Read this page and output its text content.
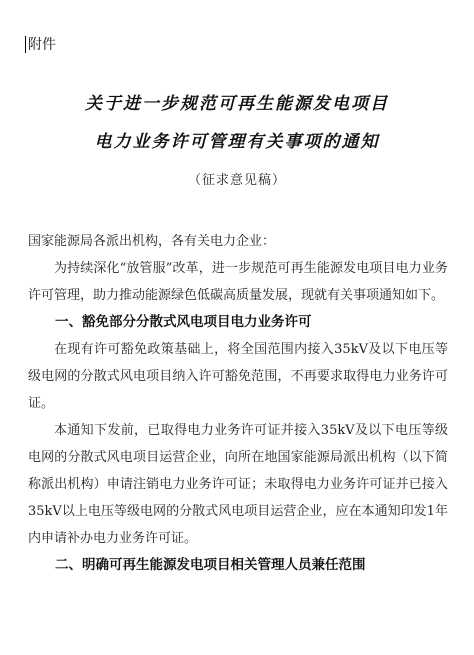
附件
关于进一步规范可再生能源发电项目
电力业务许可管理有关事项的通知
（征求意见稿）

国家能源局各派出机构，各有关电力企业：

为持续深化“放管服”改革，进一步规范可再生能源发电项目电力业务许可管理，助力推动能源绿色低碳高质量发展，现就有关事项通知如下。

一、豁免部分分散式风电项目电力业务许可

在现有许可豁免政策基础上，将全国范围内接入35kV及以下电压等级电网的分散式风电项目纳入许可豁免范围，不再要求取得电力业务许可证。

本通知下发前，已取得电力业务许可证并接入35kV及以下电压等级电网的分散式风电项目运营企业，向所在地国家能源局派出机构（以下简称派出机构）申请注销电力业务许可证；未取得电力业务许可证并已接入35kV以上电压等级电网的分散式风电项目运营企业，应在本通知印发1年内申请补办电力业务许可证。

二、明确可再生能源发电项目相关管理人员兼任范围
